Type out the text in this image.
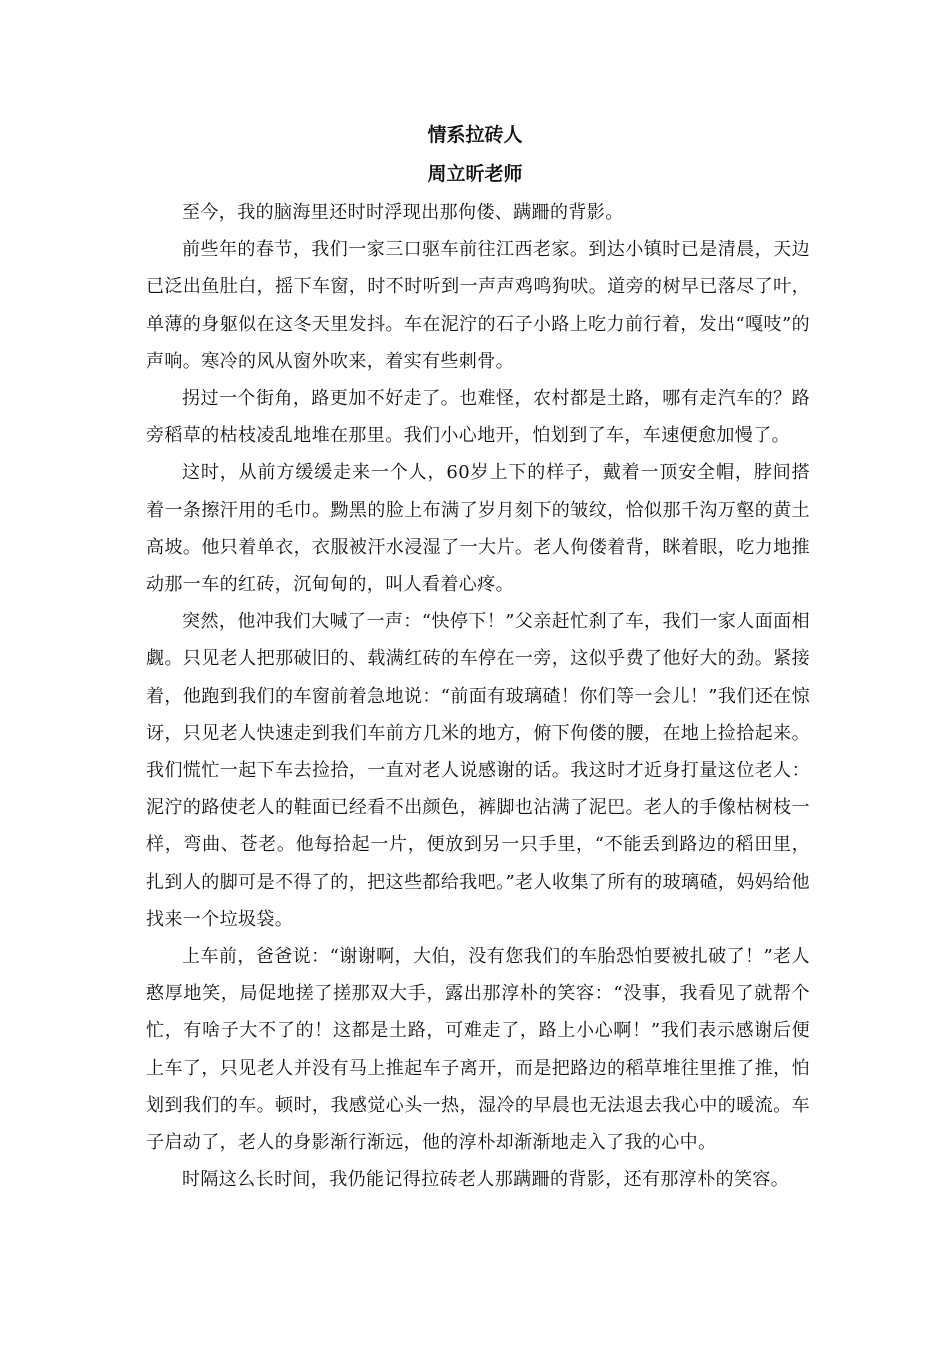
情系拉砖人
周立昕老师

至今，我的脑海里还时时浮现出那佝偻、蹒跚的背影。

前些年的春节，我们一家三口驱车前往江西老家。到达小镇时已是清晨，天边已泛出鱼肚白，摇下车窗，时不时听到一声声鸡鸣狗吠。道旁的树早已落尽了叶，单薄的身躯似在这冬天里发抖。车在泥泞的石子小路上吃力前行着，发出“嘎吱”的声响。寒冷的风从窗外吹来，着实有些刺骨。

拐过一个街角，路更加不好走了。也难怪，农村都是土路，哪有走汽车的？路旁稻草的枯枝凌乱地堆在那里。我们小心地开，怕划到了车，车速便愈加慢了。

这时，从前方缓缓走来一个人，60岁上下的样子，戴着一顶安全帽，脖间搭着一条擦汗用的毛巾。黝黑的脸上布满了岁月刻下的皱纹，恰似那千沟万壑的黄土高坡。他只着单衣，衣服被汗水浸湿了一大片。老人佝偻着背，眯着眼，吃力地推动那一车的红砖，沉甸甸的，叫人看着心疼。

突然，他冲我们大喊了一声：“快停下！”父亲赶忙刹了车，我们一家人面面相觑。只见老人把那破旧的、载满红砖的车停在一旁，这似乎费了他好大的劲。紧接着，他跑到我们的车窗前着急地说：“前面有玻璃碴！你们等一会儿！”我们还在惊讶，只见老人快速走到我们车前方几米的地方，俯下佝偻的腰，在地上捡拾起来。我们慌忙一起下车去捡拾，一直对老人说感谢的话。我这时才近身打量这位老人：泥泞的路使老人的鞋面已经看不出颜色，裤脚也沾满了泥巴。老人的手像枯树枝一样，弯曲、苍老。他每拾起一片，便放到另一只手里，“不能丢到路边的稻田里，扎到人的脚可是不得了的，把这些都给我吧。”老人收集了所有的玻璃碴，妈妈给他找来一个垃圾袋。

上车前，爸爸说：“谢谢啊，大伯，没有您我们的车胎恐怕要被扎破了！”老人憨厚地笑，局促地搓了搓那双大手，露出那淳朴的笑容：“没事，我看见了就帮个忙，有啥子大不了的！这都是土路，可难走了，路上小心啊！”我们表示感谢后便上车了，只见老人并没有马上推起车子离开，而是把路边的稻草堆往里推了推，怕划到我们的车。顿时，我感觉心头一热，湿冷的早晨也无法退去我心中的暖流。车子启动了，老人的身影渐行渐远，他的淳朴却渐渐地走入了我的心中。

时隔这么长时间，我仍能记得拉砖老人那蹒跚的背影，还有那淳朴的笑容。
